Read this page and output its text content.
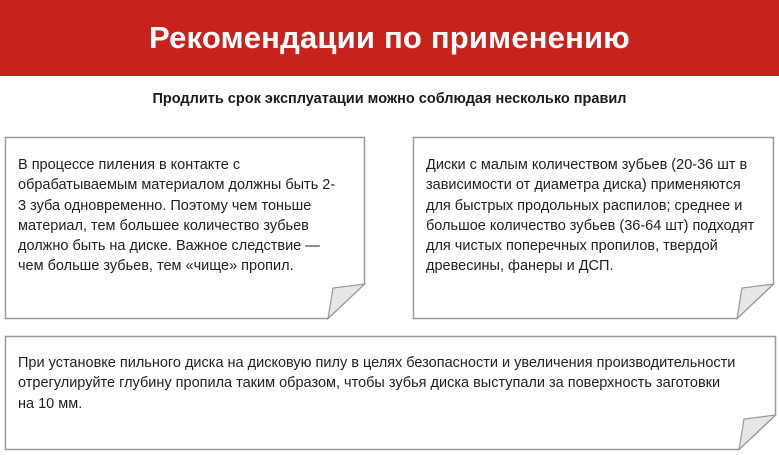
Рекомендации по применению
Продлить срок эксплуатации можно соблюдая несколько правил
В процессе пиления в контакте с обрабатываемым материалом должны быть 2-3 зуба одновременно. Поэтому чем тоньше материал, тем большее количество зубьев должно быть на диске. Важное следствие — чем больше зубьев, тем «чище» пропил.
Диски с малым количеством зубьев (20-36 шт в зависимости от диаметра диска) применяются для быстрых продольных распилов; среднее и большое количество зубьев (36-64 шт) подходят для чистых поперечных пропилов, твердой древесины, фанеры и ДСП.
При установке пильного диска на дисковую пилу в целях безопасности и увеличения производительности отрегулируйте глубину пропила таким образом, чтобы зубья диска выступали за поверхность заготовки на 10 мм.
